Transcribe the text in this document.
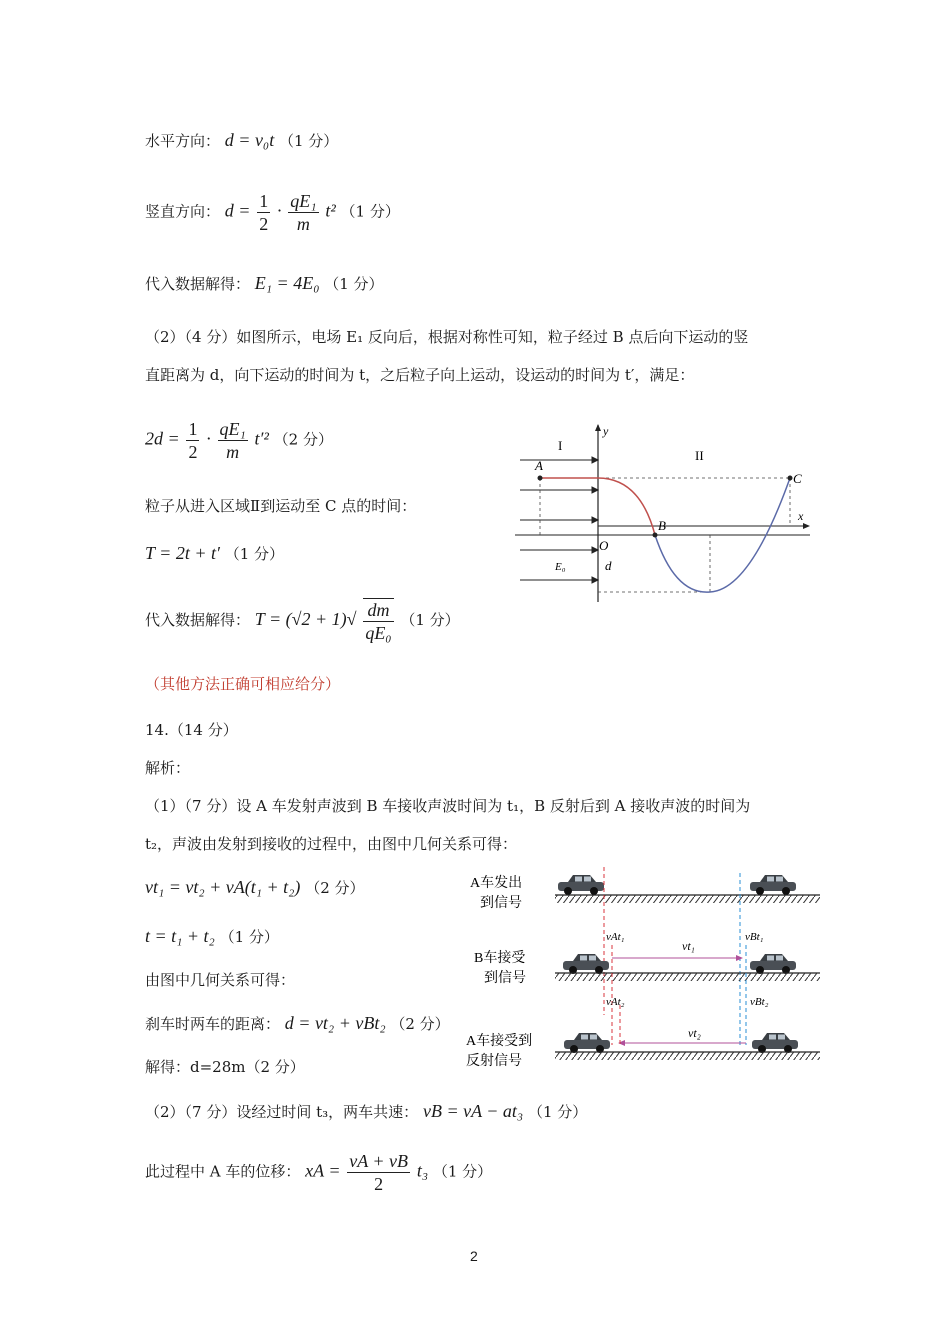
水平方向： d = v₀t （1 分）
竖直方向： $d = \frac{1}{2} \cdot \frac{\text{qE₁}}{m} t^2$ （1 分）
代入数据解得： E₁ = 4E₀ （1 分）
（2）（4 分）如图所示，电场 E₁ 反向后，根据对称性可知，粒子经过 B 点后向下运动的竖
直距离为 d，向下运动的时间为 t，之后粒子向上运动，设运动的时间为 t′，满足：
$2d = \frac{1}{2} \cdot \frac{\text{qE₁}}{m} t'^2$ （2 分）
粒子从进入区域Ⅱ到运动至 C 点的时间：
T = 2t + t′ （1 分）
代入数据解得： $T = (√2 + 1)√ \frac{dm}{\text{qE₀}} (1$ 分）
（其他方法正确可相应给分）
I
II
A
B
C
O
x
y
E₀	d
14.（14 分）
解析：
（1）（7 分）设 A 车发射声波到 B 车接收声波时间为 t₁，B 反射后到 A 接收声波的时间为
t₂，声波由发射到接收的过程中，由图中几何关系可得：
vt₁ = vt₂ + vA(t₁ + t₂) （2 分）
t = t₁ + t₂ （1 分）
由图中几何关系可得：
刹车时两车的距离： d = vt₂ + vBt₂ （2 分）
解得：d=28m（2 分）
（2）（7 分）设经过时间 t₃，两车共速： vB = vA − at₃ （1 分）
此过程中 A 车的位移： xA = $\frac{vA + vB}{2} t_3$ （1 分）
A车发出
到信号
B车接受
到信号
vAt₁
vt₁
vBt₁
vAt₂	vBt₂
A车接受到
反射信号
vt₂
2
